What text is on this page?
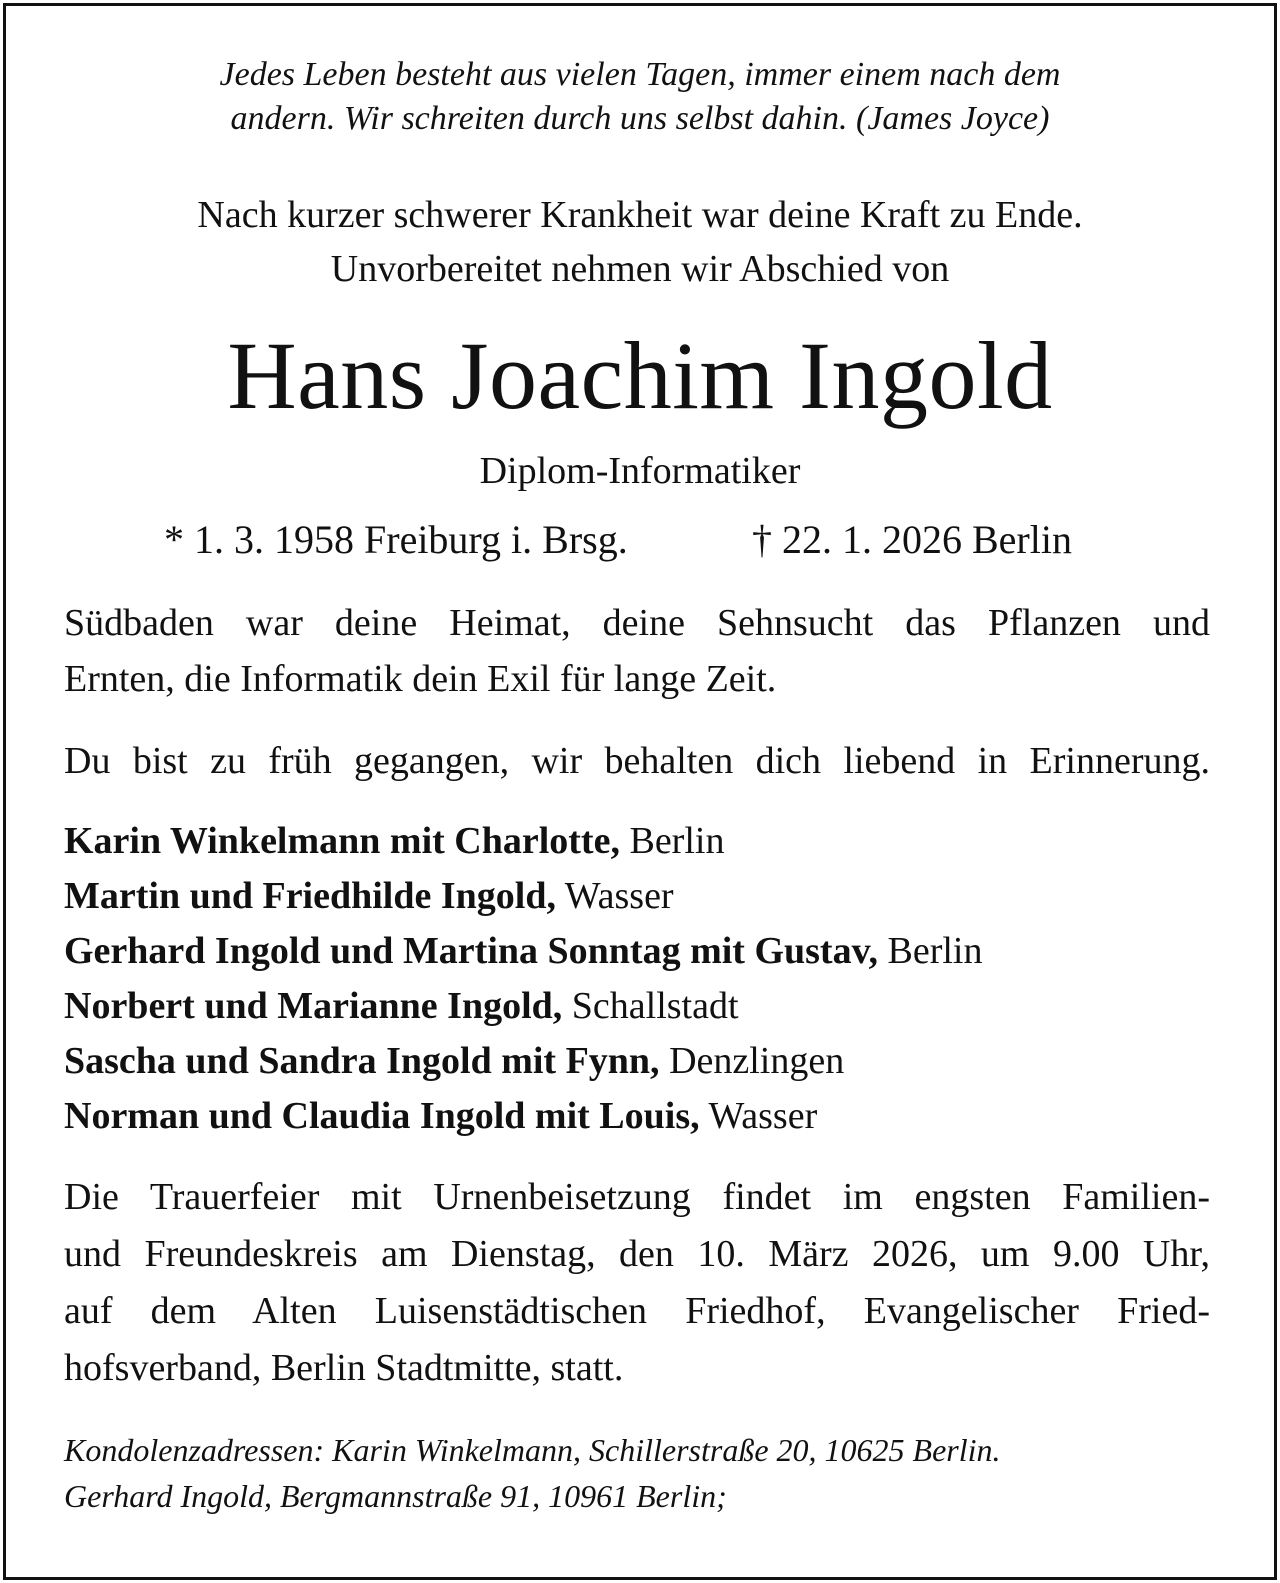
Jedes Leben besteht aus vielen Tagen, immer einem nach dem

andern. Wir schreiten durch uns selbst dahin. (James Joyce)

Nach kurzer schwerer Krankheit war deine Kraft zu Ende.

Unvorbereitet nehmen wir Abschied von

Hans Joachim Ingold

Diplom-Informatiker

* 1. 3. 1958 Freiburg i. Brsg.	† 22. 1. 2026 Berlin

Südbaden war deine Heimat, deine Sehnsucht das Pflanzen und

Ernten, die Informatik dein Exil für lange Zeit.

Du bist zu früh gegangen, wir behalten dich liebend in Erinnerung.

Karin Winkelmann mit Charlotte, Berlin

Martin und Friedhilde Ingold, Wasser

Gerhard Ingold und Martina Sonntag mit Gustav, Berlin

Norbert und Marianne Ingold, Schallstadt

Sascha und Sandra Ingold mit Fynn, Denzlingen

Norman und Claudia Ingold mit Louis, Wasser

Die Trauerfeier mit Urnenbeisetzung findet im engsten Familien-

und Freundeskreis am Dienstag, den 10. März 2026, um 9.00 Uhr,

auf dem Alten Luisenstädtischen Friedhof, Evangelischer Fried-

hofsverband, Berlin Stadtmitte, statt.

Kondolenzadressen: Karin Winkelmann, Schillerstraße 20, 10625 Berlin.

Gerhard Ingold, Bergmannstraße 91, 10961 Berlin;
